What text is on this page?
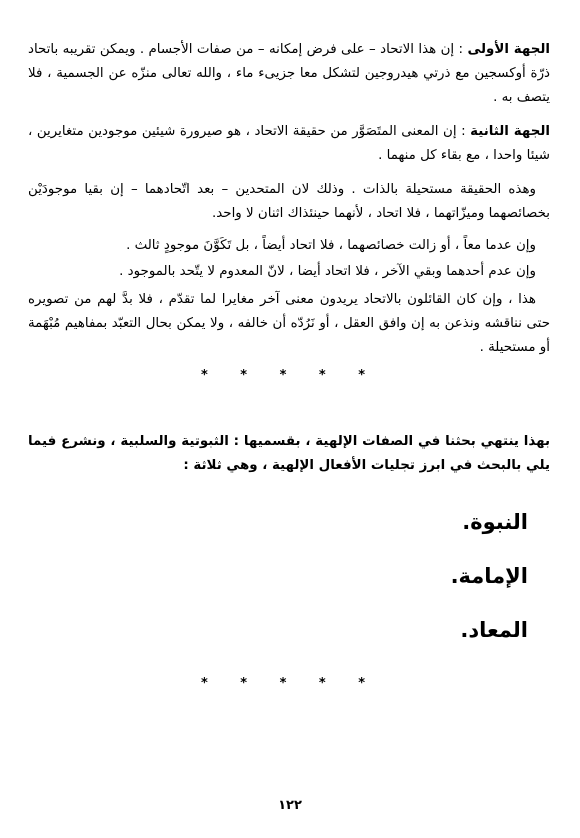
الجهة الأولى : إن هذا الاتحاد – على فرض إمكانه – من صفات الأجسام . ويمكن تقريبه باتحاد ذرّة أوكسجين مع ذرتي هيدروجين لتشكل معا جزيىء ماء ، والله تعالى منزّه عن الجسمية ، فلا يتصف به .

الجهة الثانية : إن المعنى المتَصَوَّر من حقيقة الاتحاد ، هو صيرورة شيئين موجودين متغايرين ، شيئا واحدا ، مع بقاء كل منهما .

وهذه الحقيقة مستحيلة بالذات . وذلك لان المتحدين – بعد اتّحادهما – إن بقيا موجودَيْن بخصائصهما وميزّاتهما ، فلا اتحاد ، لأنهما حينئذاك اثنان لا واحد.

وإن عدما معاً ، أو زالت خصائصهما ، فلا اتحاد أيضاً ، بل تَكَوَّنَ موجودٍ ثالث .

وإن عدم أحدهما وبقي الآخر ، فلا اتحاد أيضا ، لانّ المعدوم لا يتّحد بالموجود .

هذا ، وإن كان القائلون بالاتحاد يريدون معنى آخر مغايرا لما تقدّم ، فلا بدَّ لهم من تصويره حتى نناقشه ونذعن به إن وافق العقل ، أو نَرُدّه أن خالفه ، ولا يمكن بحال التعبّد بمفاهيم مُبْهَمة أو مستحيلة .

* * * * *

بهذا ينتهي بحثنا في الصفات الإلهية ، بقسميها : الثبوتية والسلبية ، ونشرع فيما يلي بالبحث في ابرز تجليات الأفعال الإلهية ، وهي ثلاثة :

النبوة.
الإمامة.
المعاد.
* * * * *
١٢٢
